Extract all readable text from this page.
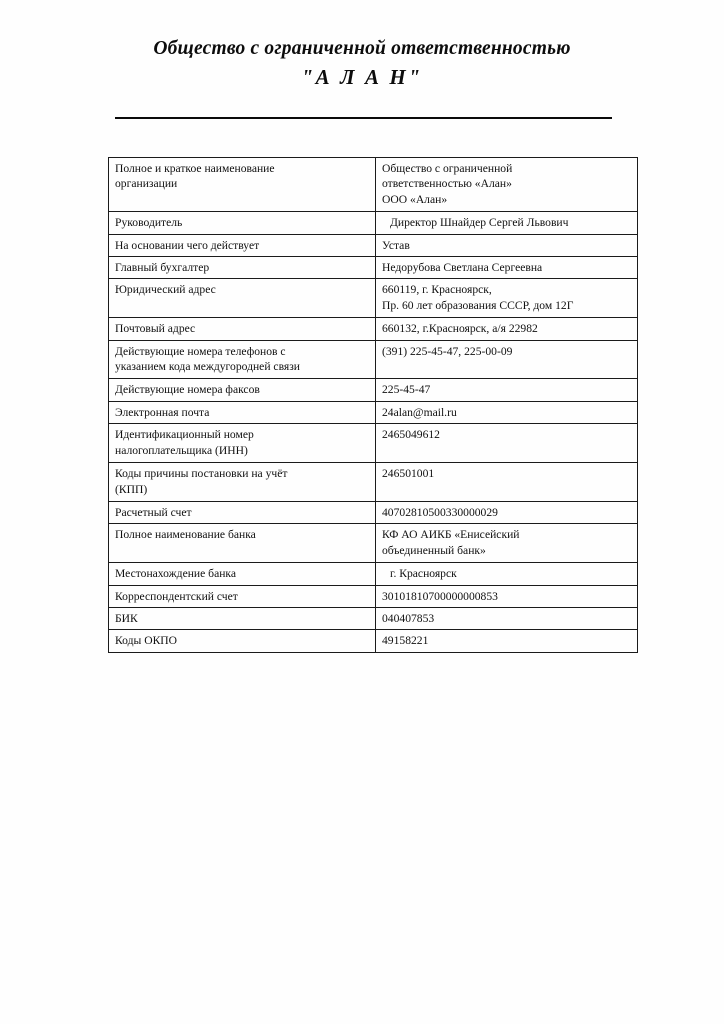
Общество с ограниченной ответственностью
"А Л А Н"
Полное и краткое наименование
организации	Общество с ограниченной
ответственностью «Алан»
ООО «Алан»

Руководитель	Директор Шнайдер Сергей Львович

На основании чего действует	Устав

Главный бухгалтер	Недорубова Светлана Сергеевна

Юридический адрес	660119, г. Красноярск,
Пр. 60 лет образования СССР, дом 12Г

Почтовый адрес	660132, г.Красноярск, а/я 22982

Действующие номера телефонов с
указанием кода междугородней связи	(391) 225-45-47, 225-00-09

Действующие номера факсов	225-45-47

Электронная почта	24alan@mail.ru

Идентификационный номер
налогоплательщика (ИНН)	2465049612

Коды причины постановки на учёт
(КПП)	246501001

Расчетный счет	40702810500330000029

Полное наименование банка	КФ АО АИКБ «Енисейский
объединенный банк»

Местонахождение банка	г. Красноярск

Корреспондентский счет	30101810700000000853

БИК	040407853

Коды ОКПО	49158221
